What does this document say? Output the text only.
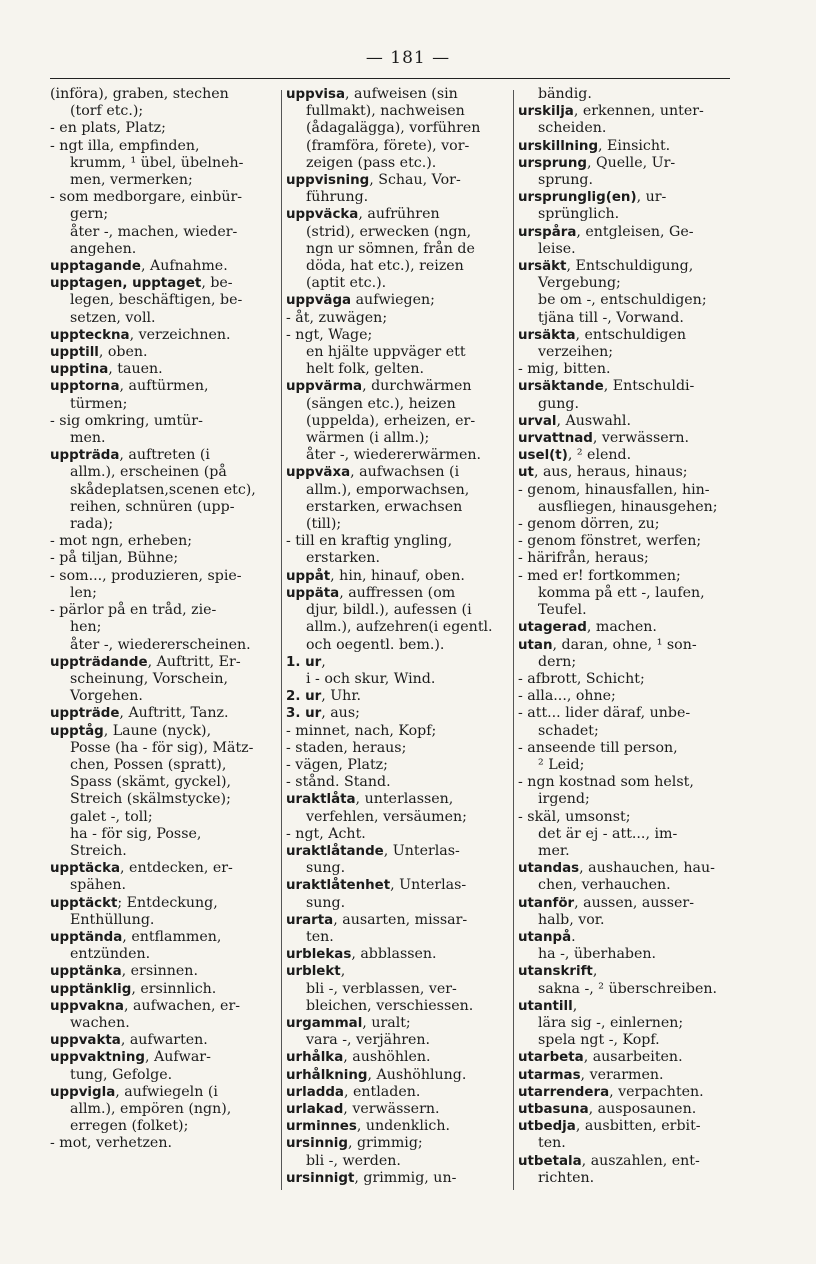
— 181 —
(införa), graben, stechen
(torf etc.);
- en plats, Platz;
- ngt illa, empfinden,
krumm, ¹ übel, übelneh-
men, vermerken;
- som medborgare, einbür-
gern;
åter -, machen, wieder-
angehen.
upptagande, Aufnahme.
upptagen, upptaget, be-
legen, beschäftigen, be-
setzen, voll.
uppteckna, verzeichnen.
upptill, oben.
upptina, tauen.
upptorna, auftürmen,
türmen;
- sig omkring, umtür-
men.
uppträda, auftreten (i
allm.), erscheinen (på
skådeplatsen,scenen etc),
reihen, schnüren (upp-
rada);
- mot ngn, erheben;
- på tiljan, Bühne;
- som..., produzieren, spie-
len;
- pärlor på en tråd, zie-
hen;
åter -, wiedererscheinen.
uppträdande, Auftritt, Er-
scheinung, Vorschein,
Vorgehen.
uppträde, Auftritt, Tanz.
upptåg, Laune (nyck),
Posse (ha - för sig), Mätz-
chen, Possen (spratt),
Spass (skämt, gyckel),
Streich (skälmstycke);
galet -, toll;
ha - för sig, Posse,
Streich.
upptäcka, entdecken, er-
spähen.
upptäckt; Entdeckung,
Enthüllung.
upptända, entflammen,
entzünden.
upptänka, ersinnen.
upptänklig, ersinnlich.
uppvakna, aufwachen, er-
wachen.
uppvakta, aufwarten.
uppvaktning, Aufwar-
tung, Gefolge.
uppvigla, aufwiegeln (i
allm.), empören (ngn),
erregen (folket);
- mot, verhetzen.
uppvisa, aufweisen (sin
fullmakt), nachweisen
(ådagalägga), vorführen
(framföra, förete), vor-
zeigen (pass etc.).
uppvisning, Schau, Vor-
führung.
uppväcka, aufrühren
(strid), erwecken (ngn,
ngn ur sömnen, från de
döda, hat etc.), reizen
(aptit etc.).
uppväga aufwiegen;
- åt, zuwägen;
- ngt, Wage;
en hjälte uppväger ett
helt folk, gelten.
uppvärma, durchwärmen
(sängen etc.), heizen
(uppelda), erheizen, er-
wärmen (i allm.);
åter -, wiedererwärmen.
uppväxa, aufwachsen (i
allm.), emporwachsen,
erstarken, erwachsen
(till);
- till en kraftig yngling,
erstarken.
uppåt, hin, hinauf, oben.
uppäta, auffressen (om
djur, bildl.), aufessen (i
allm.), aufzehren(i egentl.
och oegentl. bem.).
1. ur,
i - och skur, Wind.
2. ur, Uhr.
3. ur, aus;
- minnet, nach, Kopf;
- staden, heraus;
- vägen, Platz;
- stånd. Stand.
uraktlåta, unterlassen,
verfehlen, versäumen;
- ngt, Acht.
uraktlåtande, Unterlas-
sung.
uraktlåtenhet, Unterlas-
sung.
urarta, ausarten, missar-
ten.
urblekas, abblassen.
urblekt,
bli -, verblassen, ver-
bleichen, verschiessen.
urgammal, uralt;
vara -, verjähren.
urhålka, aushöhlen.
urhålkning, Aushöhlung.
urladda, entladen.
urlakad, verwässern.
urminnes, undenklich.
ursinnig, grimmig;
bli -, werden.
ursinnigt, grimmig, un-
bändig.
urskilja, erkennen, unter-
scheiden.
urskillning, Einsicht.
ursprung, Quelle, Ur-
sprung.
ursprunglig(en), ur-
sprünglich.
urspåra, entgleisen, Ge-
leise.
ursäkt, Entschuldigung,
Vergebung;
be om -, entschuldigen;
tjäna till -, Vorwand.
ursäkta, entschuldigen
verzeihen;
- mig, bitten.
ursäktande, Entschuldi-
gung.
urval, Auswahl.
urvattnad, verwässern.
usel(t), ² elend.
ut, aus, heraus, hinaus;
- genom, hinausfallen, hin-
ausfliegen, hinausgehen;
- genom dörren, zu;
- genom fönstret, werfen;
- härifrån, heraus;
- med er! fortkommen;
komma på ett -, laufen,
Teufel.
utagerad, machen.
utan, daran, ohne, ¹ son-
dern;
- afbrott, Schicht;
- alla..., ohne;
- att... lider däraf, unbe-
schadet;
- anseende till person,
² Leid;
- ngn kostnad som helst,
irgend;
- skäl, umsonst;
det är ej - att..., im-
mer.
utandas, aushauchen, hau-
chen, verhauchen.
utanför, aussen, ausser-
halb, vor.
utanpå.
ha -, überhaben.
utanskrift,
sakna -, ² überschreiben.
utantill,
lära sig -, einlernen;
spela ngt -, Kopf.
utarbeta, ausarbeiten.
utarmas, verarmen.
utarrendera, verpachten.
utbasuna, ausposaunen.
utbedja, ausbitten, erbit-
ten.
utbetala, auszahlen, ent-
richten.
